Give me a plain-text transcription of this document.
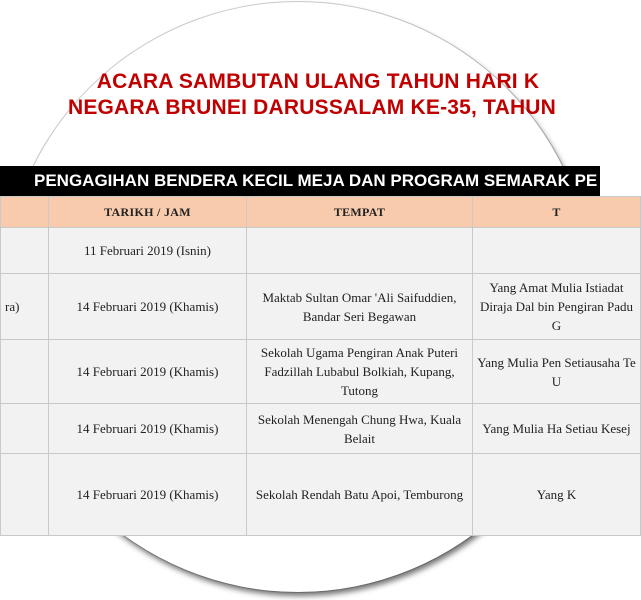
ACARA SAMBUTAN ULANG TAHUN HARI K
NEGARA BRUNEI DARUSSALAM KE-35, TAHUN
PENGAGIHAN BENDERA KECIL MEJA DAN PROGRAM SEMARAK PE
	TARIKH / JAM	TEMPAT	T
	11 Februari 2019 (Isnin)		
ra)	14 Februari 2019 (Khamis)	Maktab Sultan Omar 'Ali Saifuddien, Bandar Seri Begawan	Yang Amat Mulia Istiadat Diraja Dal bin Pengiran Padu G
	14 Februari 2019 (Khamis)	Sekolah Ugama Pengiran Anak Puteri Fadzillah Lubabul Bolkiah, Kupang, Tutong	Yang Mulia Pen Setiausaha Te U
	14 Februari 2019 (Khamis)	Sekolah Menengah Chung Hwa, Kuala Belait	Yang Mulia Ha Setiau Kesej
	14 Februari 2019 (Khamis)	Sekolah Rendah Batu Apoi, Temburong	Yang K
